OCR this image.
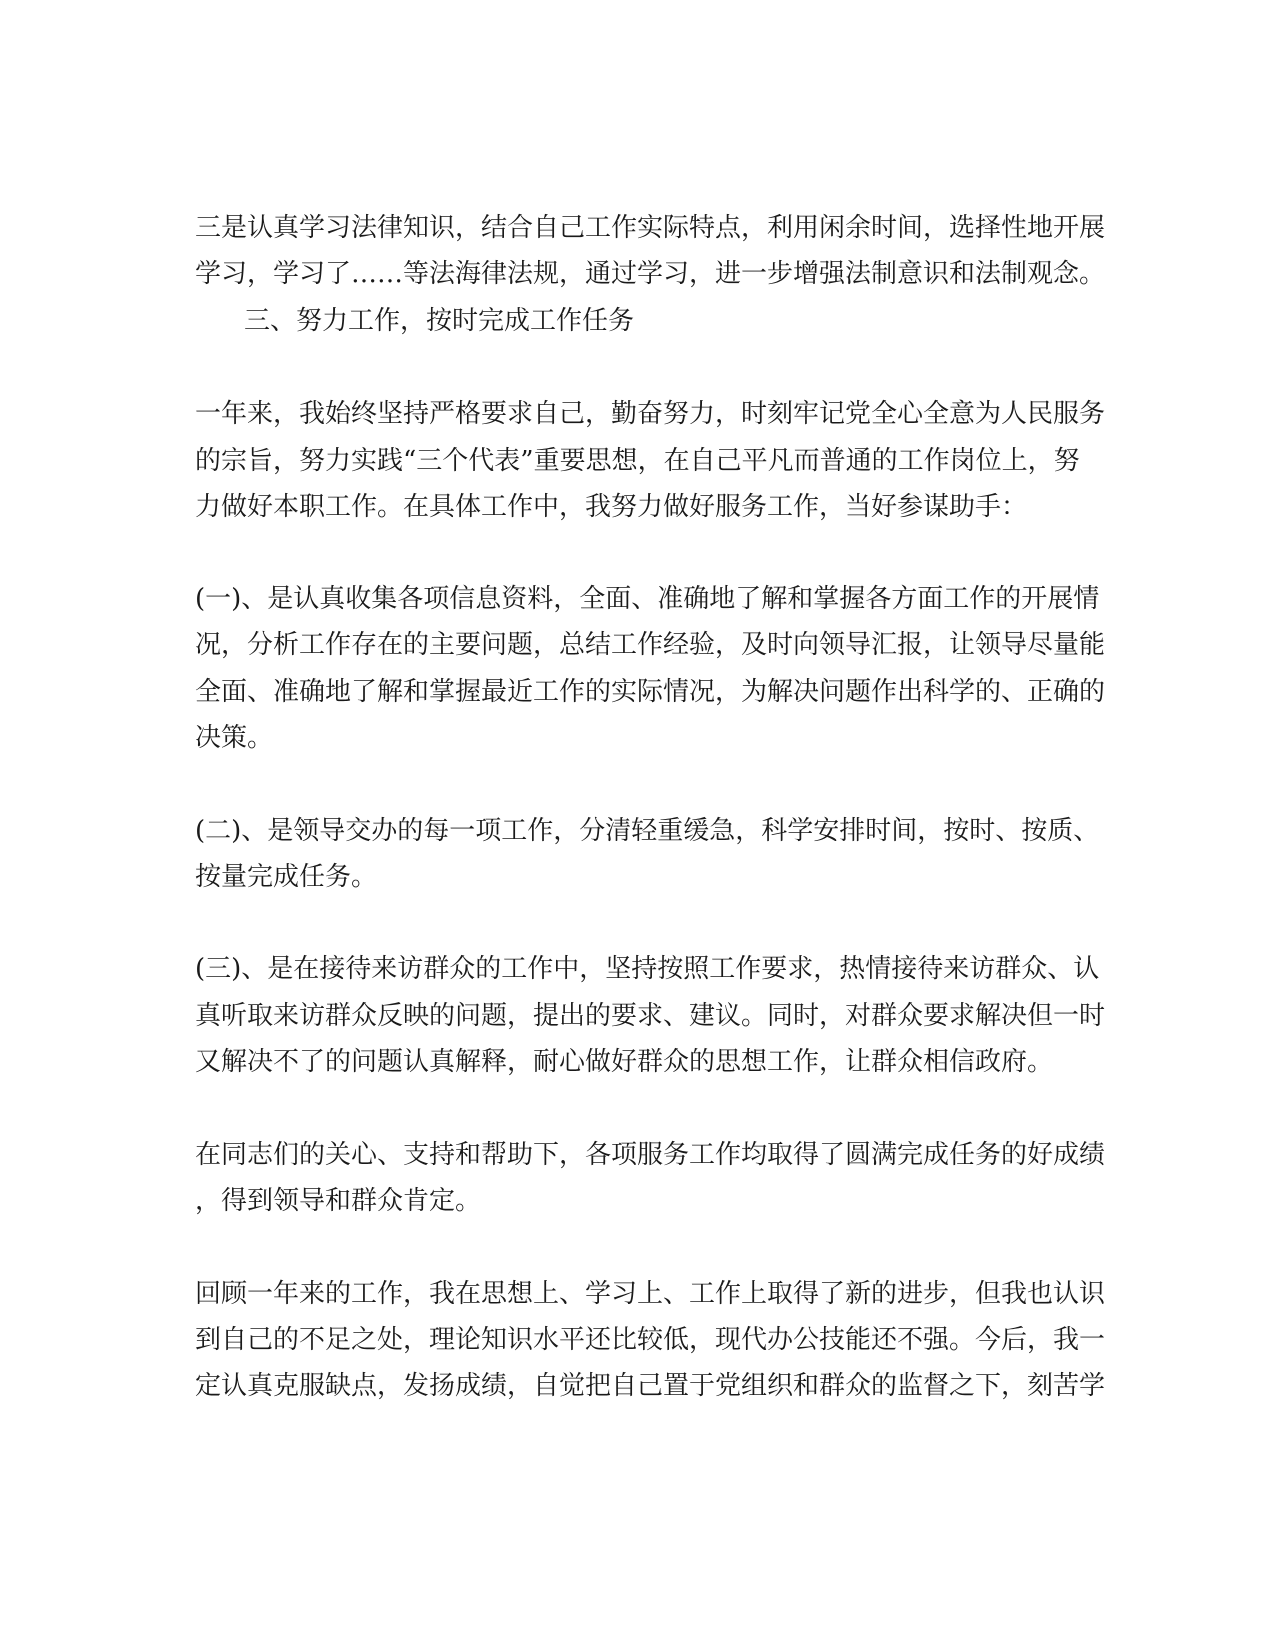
三是认真学习法律知识，结合自己工作实际特点，利用闲余时间，选择性地开展
学习，学习了……等法海律法规，通过学习，进一步增强法制意识和法制观念。
三、努力工作，按时完成工作任务
一年来，我始终坚持严格要求自己，勤奋努力，时刻牢记党全心全意为人民服务
的宗旨，努力实践“三个代表”重要思想，在自己平凡而普通的工作岗位上，努
力做好本职工作。在具体工作中，我努力做好服务工作，当好参谋助手：
(一)、是认真收集各项信息资料，全面、准确地了解和掌握各方面工作的开展情
况，分析工作存在的主要问题，总结工作经验，及时向领导汇报，让领导尽量能
全面、准确地了解和掌握最近工作的实际情况，为解决问题作出科学的、正确的
决策。
(二)、是领导交办的每一项工作，分清轻重缓急，科学安排时间，按时、按质、
按量完成任务。
(三)、是在接待来访群众的工作中，坚持按照工作要求，热情接待来访群众、认
真听取来访群众反映的问题，提出的要求、建议。同时，对群众要求解决但一时
又解决不了的问题认真解释，耐心做好群众的思想工作，让群众相信政府。
在同志们的关心、支持和帮助下，各项服务工作均取得了圆满完成任务的好成绩
，得到领导和群众肯定。
回顾一年来的工作，我在思想上、学习上、工作上取得了新的进步，但我也认识
到自己的不足之处，理论知识水平还比较低，现代办公技能还不强。今后，我一
定认真克服缺点，发扬成绩，自觉把自己置于党组织和群众的监督之下，刻苦学
